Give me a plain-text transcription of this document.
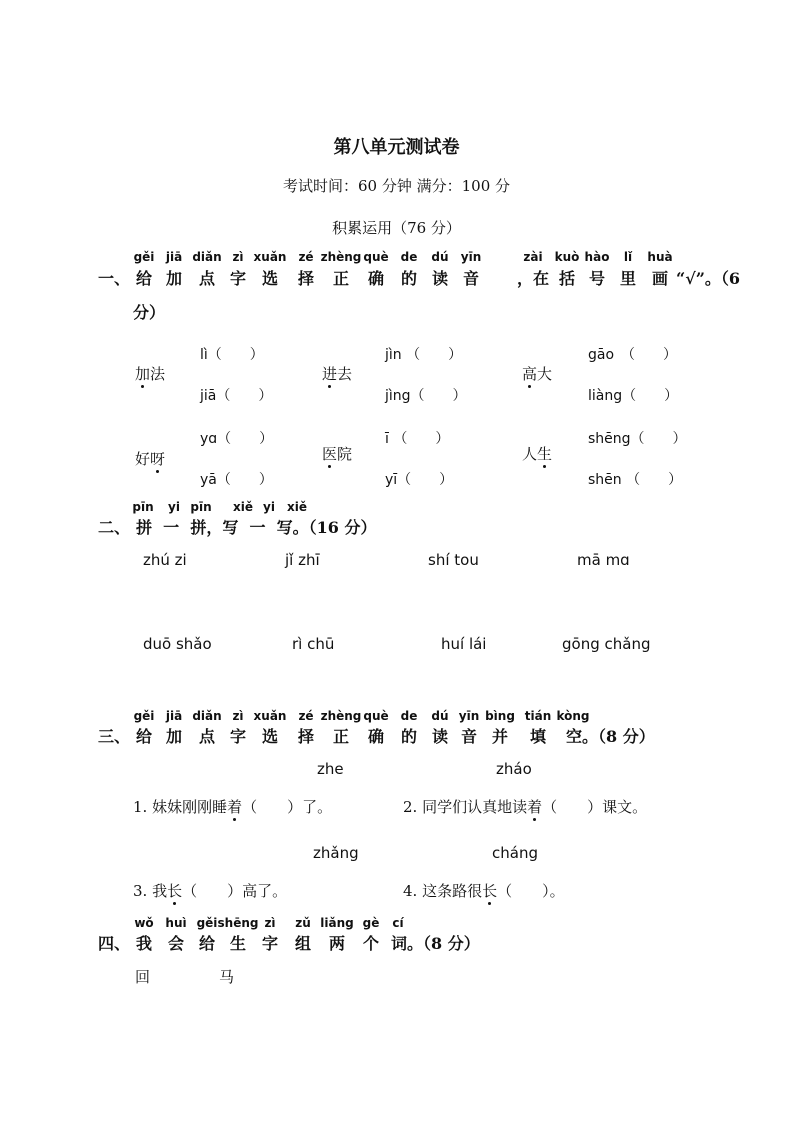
第八单元测试卷
考试时间：60 分钟 满分：100 分
积累运用（76 分）
gěi jiā diǎn zì xuǎn zé zhèng què de dú yīn	zài kuò hào lǐ huà
一、 给 加 点 字 选 择 正 确 的 读 音 ，在 括 号 里 画 “√”。（6
分）
加法
lì（　　）
jiā（　　）
进去
jìn （　　）
jìng（　　）
高大
gāo　（　　）
liàng（　　）
好呀
yɑ（　　）
yā（　　）
医院
ī （　　）
yī（　　）
人生
shēng（　　）
shēn （　　）
pīn yi pīn xiě yi xiě
二、 拼 一 拼，写 一 写。（16 分）
zhú zi	jǐ zhī	shí tou	mā mɑ
duō shǎo	rì chū	huí lái	gōng chǎng
gěi jiā diǎn zì xuǎn zé zhèng què de dú yīn bìng tián kòng
三、 给 加 点 字 选 择 正 确 的 读 音 并 填 空。（8 分）
zhe	zháo
1. 妹妹刚刚睡着（　　）了。	2. 同学们认真地读着（　　）课文。
zhǎng	cháng
3. 我长（　　）高了。	4. 这条路很长（　　）。
wǒ huì gěi shēng zì zǔ liǎng gè cí
四、 我 会 给 生 字 组 两 个 词。（8 分）
回	马
